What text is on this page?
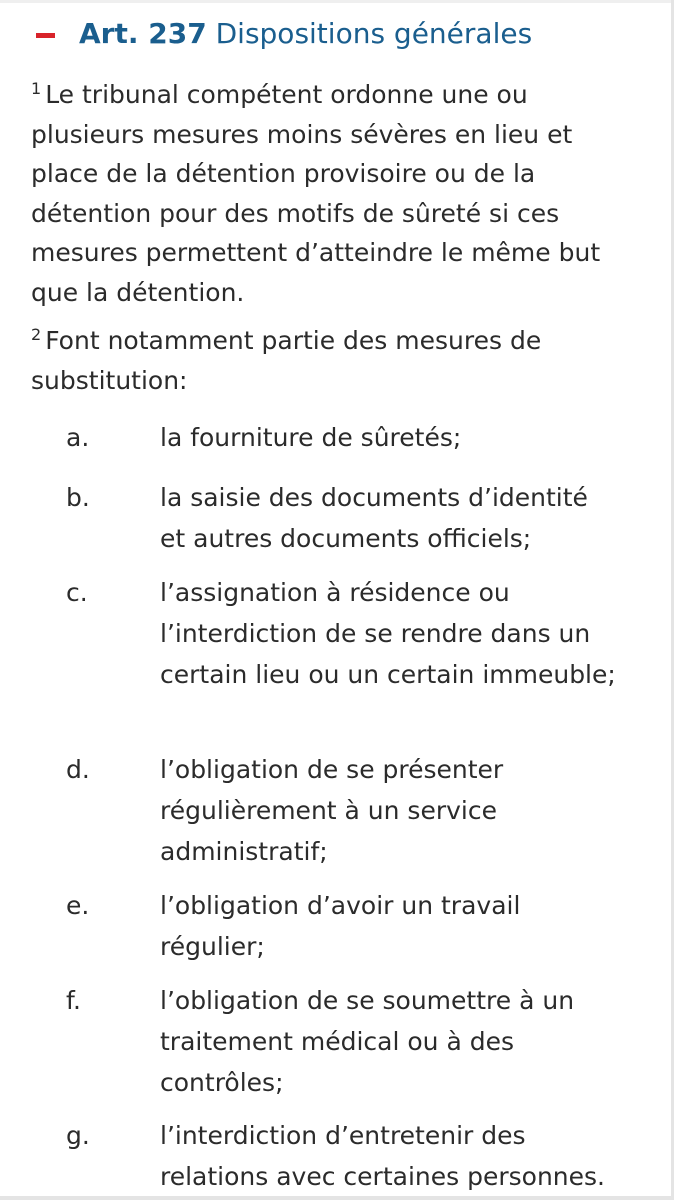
Art. 237 Dispositions générales
$^1$ Le tribunal compétent ordonne une ou plusieurs mesures moins sévères en lieu et place de la détention provisoire ou de la détention pour des motifs de sûreté si ces mesures permettent d’atteindre le même but que la détention.
$^2$ Font notamment partie des mesures de substitution:
a.	la fourniture de sûretés;
b.	la saisie des documents d’identité et autres documents officiels;
c.	l’assignation à résidence ou l’interdiction de se rendre dans un certain lieu ou un certain immeuble;
d.	l’obligation de se présenter régulièrement à un service administratif;
e.	l’obligation d’avoir un travail régulier;
f.	l’obligation de se soumettre à un traitement médical ou à des contrôles;
g.	l’interdiction d’entretenir des relations avec certaines personnes.
